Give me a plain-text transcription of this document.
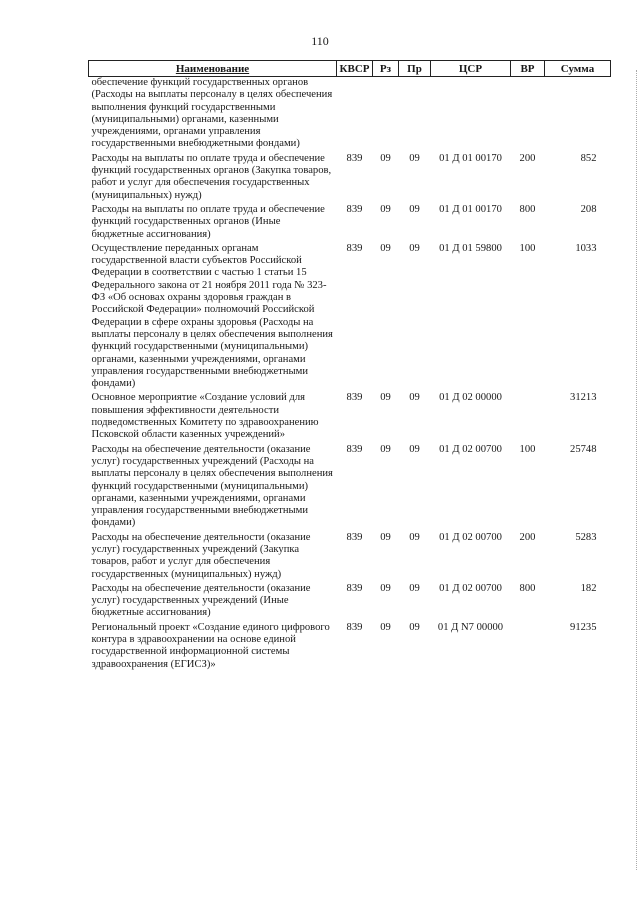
110
Наименование	КВСР	Рз	Пр	ЦСР	ВР	Сумма
обеспечение функций государственных органов (Расходы на выплаты персоналу в целях обеспечения выполнения функций государственными (муниципальными) органами, казенными учреждениями, органами управления государственными внебюджетными фондами)						
Расходы на выплаты по оплате труда и обеспечение функций государственных органов (Закупка товаров, работ и услуг для обеспечения государственных (муниципальных) нужд)	839	09	09	01 Д 01 00170	200	852
Расходы на выплаты по оплате труда и обеспечение функций государственных органов (Иные бюджетные ассигнования)	839	09	09	01 Д 01 00170	800	208
Осуществление переданных органам государственной власти субъектов Российской Федерации в соответствии с частью 1 статьи 15 Федерального закона от 21 ноября 2011 года № 323-ФЗ «Об основах охраны здоровья граждан в Российской Федерации» полномочий Российской Федерации в сфере охраны здоровья (Расходы на выплаты персоналу в целях обеспечения выполнения функций государственными (муниципальными) органами, казенными учреждениями, органами управления государственными внебюджетными фондами)	839	09	09	01 Д 01 59800	100	1033
Основное мероприятие «Создание условий для повышения эффективности деятельности подведомственных Комитету по здравоохранению Псковской области казенных учреждений»	839	09	09	01 Д 02 00000		31213
Расходы на обеспечение деятельности (оказание услуг) государственных учреждений (Расходы на выплаты персоналу в целях обеспечения выполнения функций государственными (муниципальными) органами, казенными учреждениями, органами управления государственными внебюджетными фондами)	839	09	09	01 Д 02 00700	100	25748
Расходы на обеспечение деятельности (оказание услуг) государственных учреждений (Закупка товаров, работ и услуг для обеспечения государственных (муниципальных) нужд)	839	09	09	01 Д 02 00700	200	5283
Расходы на обеспечение деятельности (оказание услуг) государственных учреждений (Иные бюджетные ассигнования)	839	09	09	01 Д 02 00700	800	182
Региональный проект «Создание единого цифрового контура в здравоохранении на основе единой государственной информационной системы здравоохранения (ЕГИСЗ)»	839	09	09	01 Д N7 00000		91235
